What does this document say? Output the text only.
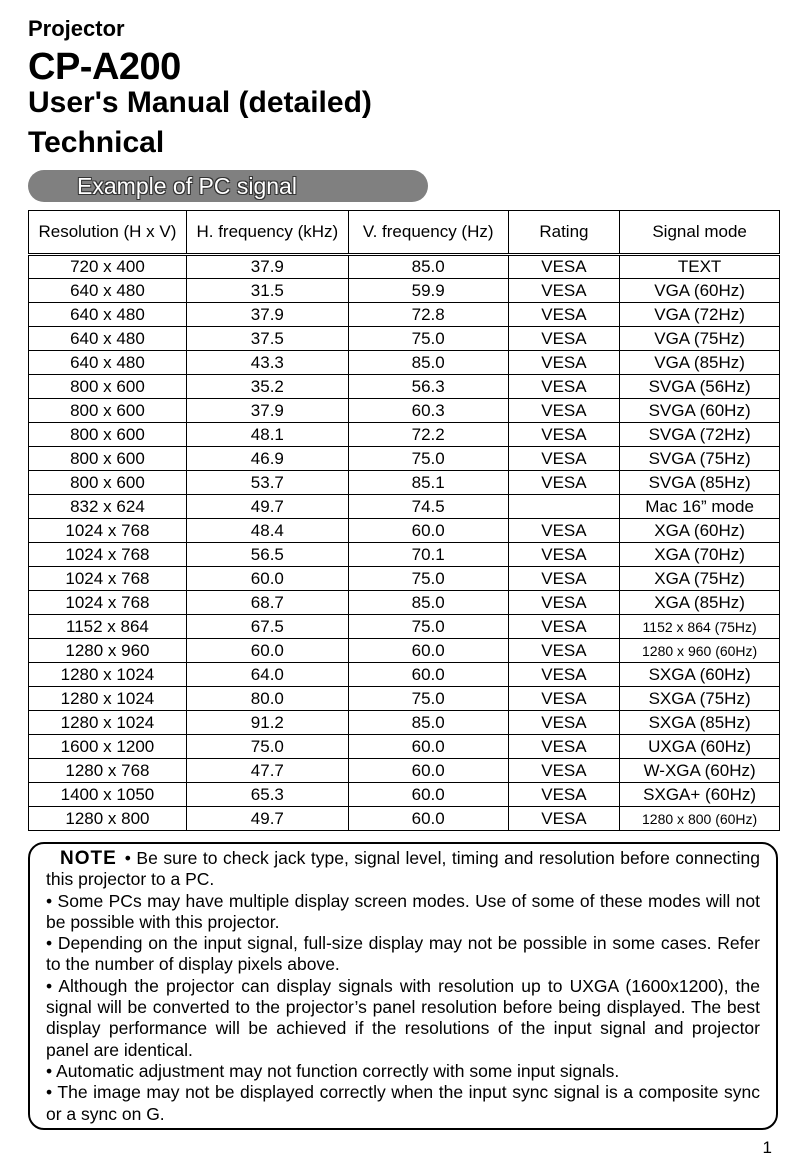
Projector
CP-A200
User's Manual (detailed)
Technical
Example of PC signal
Resolution (H x V)	H. frequency (kHz)	V. frequency (Hz)	Rating	Signal mode
720 x 400	37.9	85.0	VESA	TEXT
640 x 480	31.5	59.9	VESA	VGA (60Hz)
640 x 480	37.9	72.8	VESA	VGA (72Hz)
640 x 480	37.5	75.0	VESA	VGA (75Hz)
640 x 480	43.3	85.0	VESA	VGA (85Hz)
800 x 600	35.2	56.3	VESA	SVGA (56Hz)
800 x 600	37.9	60.3	VESA	SVGA (60Hz)
800 x 600	48.1	72.2	VESA	SVGA (72Hz)
800 x 600	46.9	75.0	VESA	SVGA (75Hz)
800 x 600	53.7	85.1	VESA	SVGA (85Hz)
832 x 624	49.7	74.5		Mac 16” mode
1024 x 768	48.4	60.0	VESA	XGA (60Hz)
1024 x 768	56.5	70.1	VESA	XGA (70Hz)
1024 x 768	60.0	75.0	VESA	XGA (75Hz)
1024 x 768	68.7	85.0	VESA	XGA (85Hz)
1152 x 864	67.5	75.0	VESA	1152 x 864 (75Hz)
1280 x 960	60.0	60.0	VESA	1280 x 960 (60Hz)
1280 x 1024	64.0	60.0	VESA	SXGA (60Hz)
1280 x 1024	80.0	75.0	VESA	SXGA (75Hz)
1280 x 1024	91.2	85.0	VESA	SXGA (85Hz)
1600 x 1200	75.0	60.0	VESA	UXGA (60Hz)
1280 x 768	47.7	60.0	VESA	W-XGA (60Hz)
1400 x 1050	65.3	60.0	VESA	SXGA+ (60Hz)
1280 x 800	49.7	60.0	VESA	1280 x 800 (60Hz)

NOTE • Be sure to check jack type, signal level, timing and resolution before connecting this projector to a PC.

• Some PCs may have multiple display screen modes. Use of some of these modes will not be possible with this projector.

• Depending on the input signal, full-size display may not be possible in some cases. Refer to the number of display pixels above.

• Although the projector can display signals with resolution up to UXGA (1600x1200), the signal will be converted to the projector’s panel resolution before being displayed. The best display performance will be achieved if the resolutions of the input signal and projector panel are identical.

• Automatic adjustment may not function correctly with some input signals.

• The image may not be displayed correctly when the input sync signal is a composite sync or a sync on G.

1
